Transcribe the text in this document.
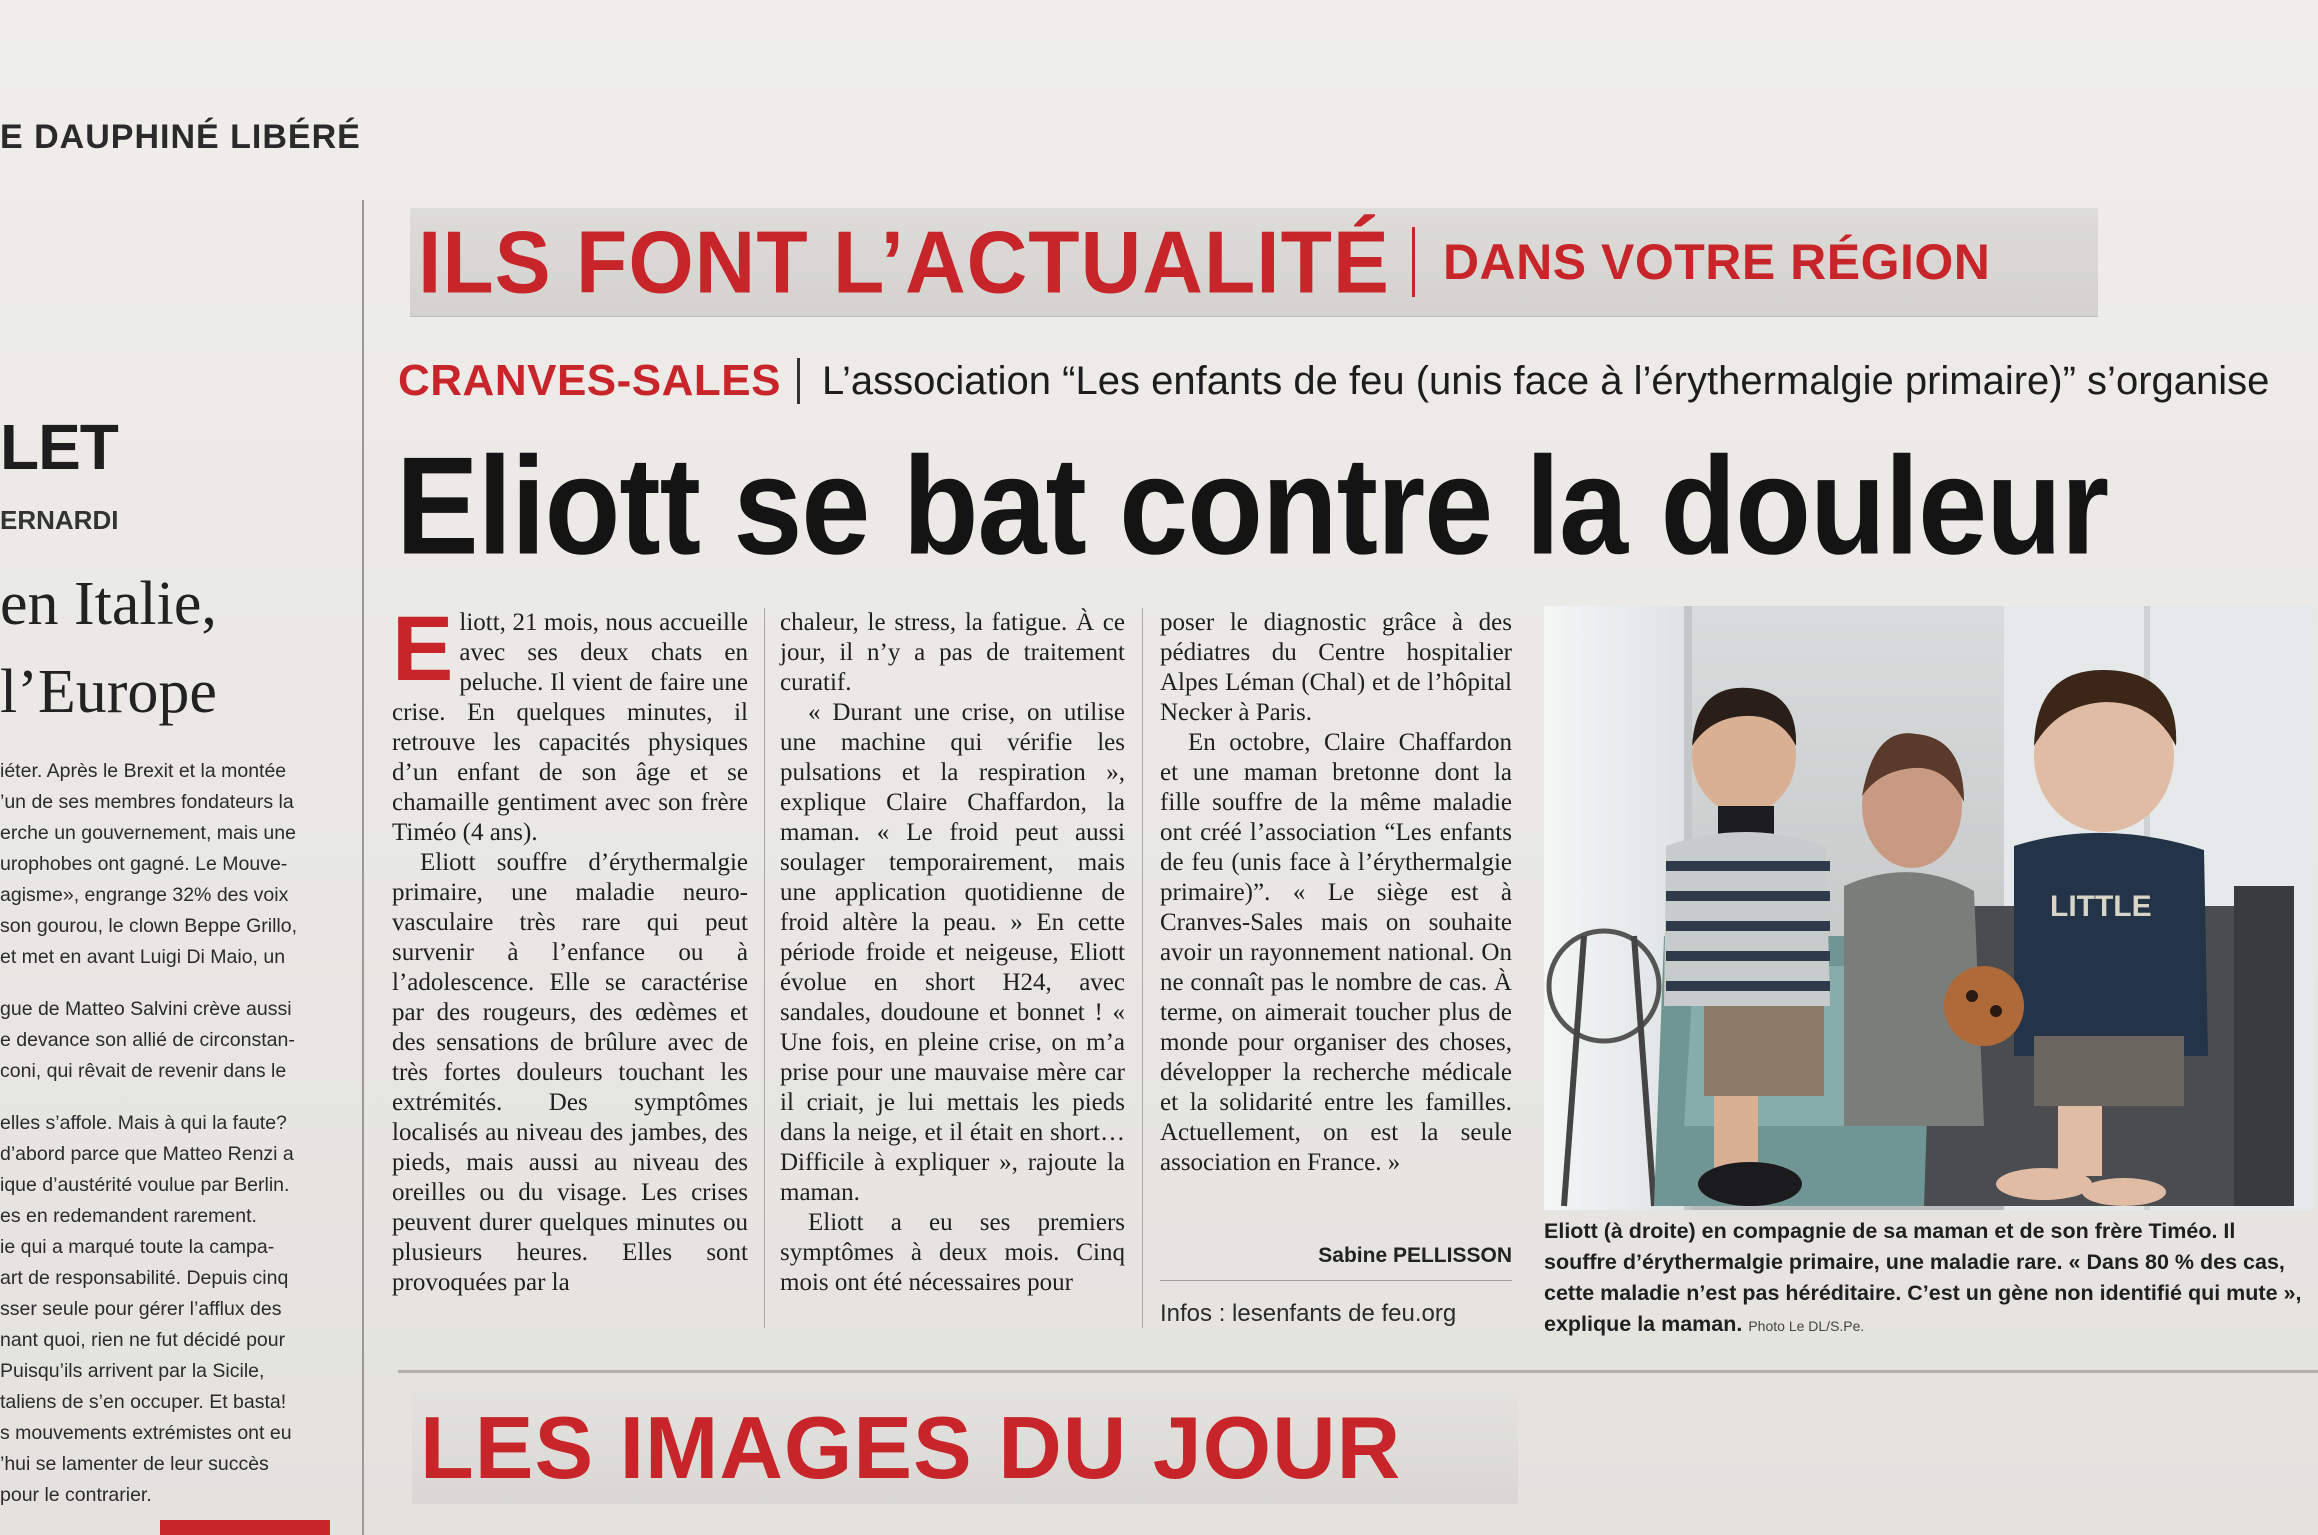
E DAUPHINÉ LIBÉRÉ
LET
ERNARDI
en Italie,
l’Europe

iéter. Après le Brexit et la montée

’un de ses membres fondateurs la

erche un gouvernement, mais une

urophobes ont gagné. Le Mouve-

agisme», engrange 32% des voix

son gourou, le clown Beppe Grillo,

et met en avant Luigi Di Maio, un

gue de Matteo Salvini crève aussi

e devance son allié de circonstan-

coni, qui rêvait de revenir dans le

elles s’affole. Mais à qui la faute?

d’abord parce que Matteo Renzi a

ique d’austérité voulue par Berlin.

es en redemandent rarement.

ie qui a marqué toute la campa-

art de responsabilité. Depuis cinq

sser seule pour gérer l’afflux des

nant quoi, rien ne fut décidé pour

Puisqu’ils arrivent par la Sicile,

taliens de s’en occuper. Et basta!

s mouvements extrémistes ont eu

’hui se lamenter de leur succès

pour le contrarier.

ILS FONT L’ACTUALITÉ DANS VOTRE RÉGION
CRANVES-SALES L’association “Les enfants de feu (unis face à l’érythermalgie primaire)” s’organise
Eliott se bat contre la douleur

Eliott, 21 mois, nous accueille avec ses deux chats en peluche. Il vient de faire une crise. En quelques minutes, il retrouve les capacités physiques d’un enfant de son âge et se chamaille gentiment avec son frère Timéo (4 ans).

Eliott souffre d’érythermalgie primaire, une maladie neuro-vasculaire très rare qui peut survenir à l’enfance ou à l’adolescence. Elle se caractérise par des rougeurs, des œdèmes et des sensations de brûlure avec de très fortes douleurs touchant les extrémités. Des symptômes localisés au niveau des jambes, des pieds, mais aussi au niveau des oreilles ou du visage. Les crises peuvent durer quelques minutes ou plusieurs heures. Elles sont provoquées par la

chaleur, le stress, la fatigue. À ce jour, il n’y a pas de traitement curatif.

« Durant une crise, on utilise une machine qui vérifie les pulsations et la respiration », explique Claire Chaffardon, la maman. « Le froid peut aussi soulager temporairement, mais une application quotidienne de froid altère la peau. » En cette période froide et neigeuse, Eliott évolue en short H24, avec sandales, doudoune et bonnet ! « Une fois, en pleine crise, on m’a prise pour une mauvaise mère car il criait, je lui mettais les pieds dans la neige, et il était en short… Difficile à expliquer », rajoute la maman.

Eliott a eu ses premiers symptômes à deux mois. Cinq mois ont été nécessaires pour

poser le diagnostic grâce à des pédiatres du Centre hospitalier Alpes Léman (Chal) et de l’hôpital Necker à Paris.

En octobre, Claire Chaffardon et une maman bretonne dont la fille souffre de la même maladie ont créé l’association “Les enfants de feu (unis face à l’érythermalgie primaire)”. « Le siège est à Cranves-Sales mais on souhaite avoir un rayonnement national. On ne connaît pas le nombre de cas. À terme, on aimerait toucher plus de monde pour organiser des choses, développer la recherche médicale et la solidarité entre les familles. Actuellement, on est la seule association en France. »

Sabine PELLISSON
Infos : lesenfants de feu.org
LITTLE
Eliott (à droite) en compagnie de sa maman et de son frère Timéo. Il souffre d’érythermalgie primaire, une maladie rare. « Dans 80 % des cas, cette maladie n’est pas héréditaire. C’est un gène non identifié qui mute », explique la maman. Photo Le DL/S.Pe.
LES IMAGES DU JOUR
